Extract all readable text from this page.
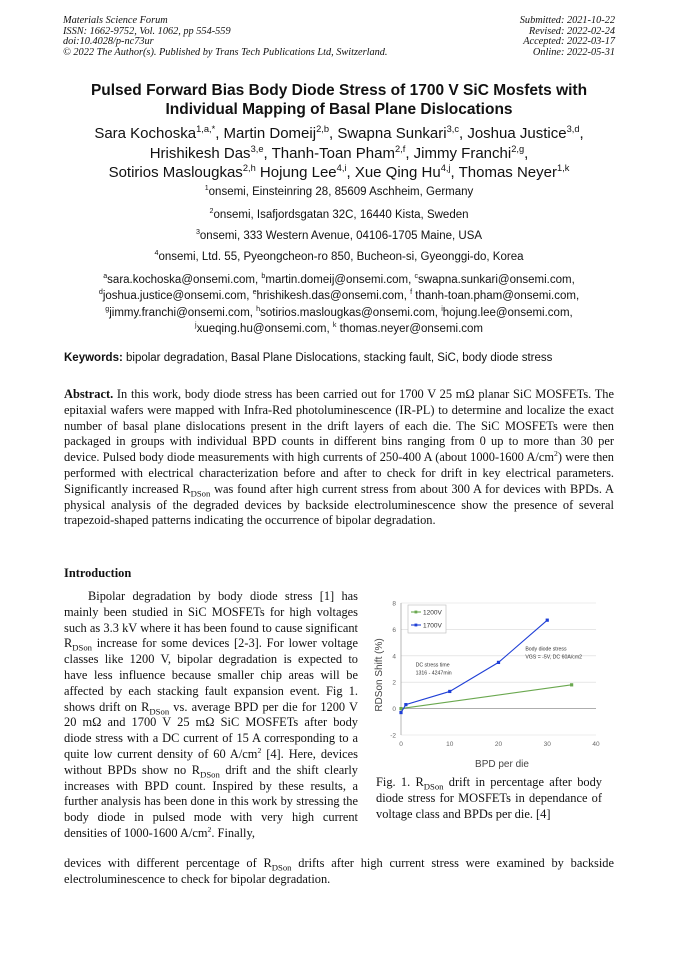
Materials Science Forum
ISSN: 1662-9752, Vol. 1062, pp 554-559
doi:10.4028/p-nc73ur
© 2022 The Author(s). Published by Trans Tech Publications Ltd, Switzerland.
Submitted: 2021-10-22
Revised: 2022-02-24
Accepted: 2022-03-17
Online: 2022-05-31
Pulsed Forward Bias Body Diode Stress of 1700 V SiC Mosfets with
Individual Mapping of Basal Plane Dislocations
Sara Kochoska$^{1,a,*}$, Martin Domeij$^{2,b}$, Swapna Sunkari$^{3,c}$, Joshua Justice$^{3,d}$,
Hrishikesh Das$^{3,e}$, Thanh-Toan Pham$^{2,f}$, Jimmy Franchi$^{2,g}$,
Sotirios Maslougkas$^{2,h}$ Hojung Lee$^{4,i}$, Xue Qing Hu$^{4,j}$, Thomas Neyer$^{1,k}$
$^1$onsemi, Einsteinring 28, 85609 Aschheim, Germany
$^2$onsemi, Isafjordsgatan 32C, 16440 Kista, Sweden
$^3$onsemi, 333 Western Avenue, 04106-1705 Maine, USA
$^4$onsemi, Ltd. 55, Pyeongcheon-ro 850, Bucheon-si, Gyeonggi-do, Korea
$^a$sara.kochoska@onsemi.com, $^b$martin.domeij@onsemi.com, $^c$swapna.sunkari@onsemi.com,
$^d$joshua.justice@onsemi.com, $^e$hrishikesh.das@onsemi.com, $^f$ thanh-toan.pham@onsemi.com,
$^g$jimmy.franchi@onsemi.com, $^h$sotirios.maslougkas@onsemi.com, $^i$hojung.lee@onsemi.com,
$^j$xueqing.hu@onsemi.com, $^k$ thomas.neyer@onsemi.com
Keywords: bipolar degradation, Basal Plane Dislocations, stacking fault, SiC, body diode stress
Abstract. In this work, body diode stress has been carried out for 1700 V 25 mΩ planar SiC MOSFETs. The epitaxial wafers were mapped with Infra-Red photoluminescence (IR-PL) to determine and localize the exact number of basal plane dislocations present in the drift layers of each die. The SiC MOSFETs were then packaged in groups with individual BPD counts in different bins ranging from 0 up to more than 30 per device. Pulsed body diode measurements with high currents of 250-400 A (about 1000-1600 $A/cm^2$) were then performed with electrical characterization before and after to check for drift in key electrical parameters. Significantly increased $R_{DSon}$ was found after high current stress from about 300 A for devices with BPDs. A physical analysis of the degraded devices by backside electroluminescence show the presence of several trapezoid-shaped patterns indicating the occurrence of bipolar degradation.
Introduction
Bipolar degradation by body diode stress [1] has mainly been studied in SiC MOSFETs for high voltages such as 3.3 kV where it has been found to cause significant $R_{DSon}$ increase for some devices [2-3]. For lower voltage classes like 1200 V, bipolar degradation is expected to have less influence because smaller chip areas will be affected by each stacking fault expansion event. Fig 1. shows drift on $R_{DSon}$ vs. average BPD per die for 1200 V 20 mΩ and 1700 V 25 mΩ SiC MOSFETs after body diode stress with a DC current of 15 A corresponding to a quite low current density of 60 $A/cm^2$ [4]. Here, devices without BPDs show no $R_{DSon}$ drift and the shift clearly increases with BPD count. Inspired by these results, a further analysis has been done in this work by stressing the body diode in pulsed mode with very high current densities of 1000-1600 $A/cm^2$. Finally,
devices with different percentage of $R_{DSon}$ drifts after high current stress were examined by backside electroluminescence to check for bipolar degradation.
-2
0
2
4
6
8
0	10	20	30	40
1200V
1700V
DC stress time
1316 - 4247min
Body diode stress
VGS = -5V, DC 60A/cm2
BPD per die
RDSon Shift (%)
Fig. 1. $R_{DSon}$ drift in percentage after body diode stress for MOSFETs in dependance of voltage class and BPDs per die. [4]
